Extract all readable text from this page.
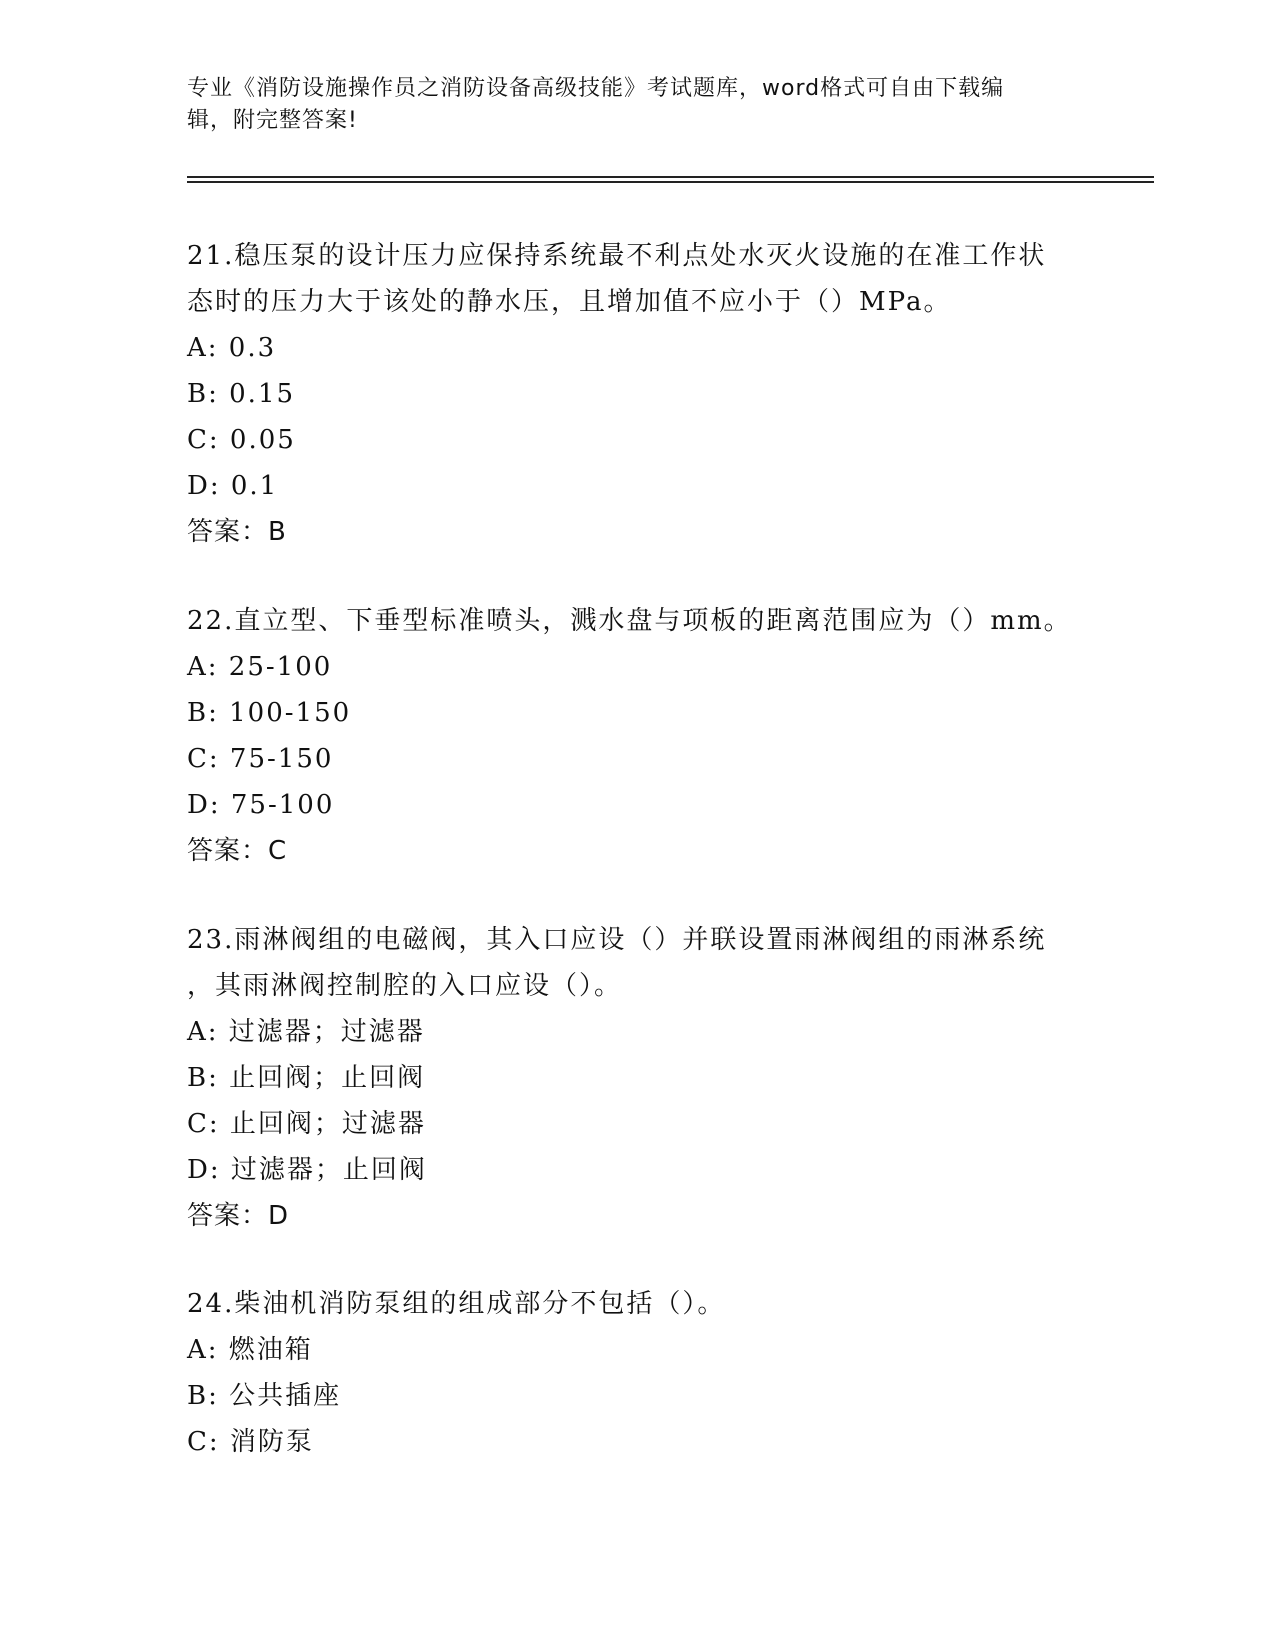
专业《消防设施操作员之消防设备高级技能》考试题库，word格式可自由下载编
辑，附完整答案!
21.稳压泵的设计压力应保持系统最不利点处水灭火设施的在准工作状
态时的压力大于该处的静水压，且增加值不应小于（）MPa。
A: 0.3
B: 0.15
C: 0.05
D: 0.1
答案：B
22.直立型、下垂型标准喷头，溅水盘与项板的距离范围应为（）mm。
A: 25-100
B: 100-150
C: 75-150
D: 75-100
答案：C
23.雨淋阀组的电磁阀，其入口应设（）并联设置雨淋阀组的雨淋系统
，其雨淋阀控制腔的入口应设（）。
A: 过滤器；过滤器
B: 止回阀；止回阀
C: 止回阀；过滤器
D: 过滤器；止回阀
答案：D
24.柴油机消防泵组的组成部分不包括（）。
A: 燃油箱
B: 公共插座
C: 消防泵
